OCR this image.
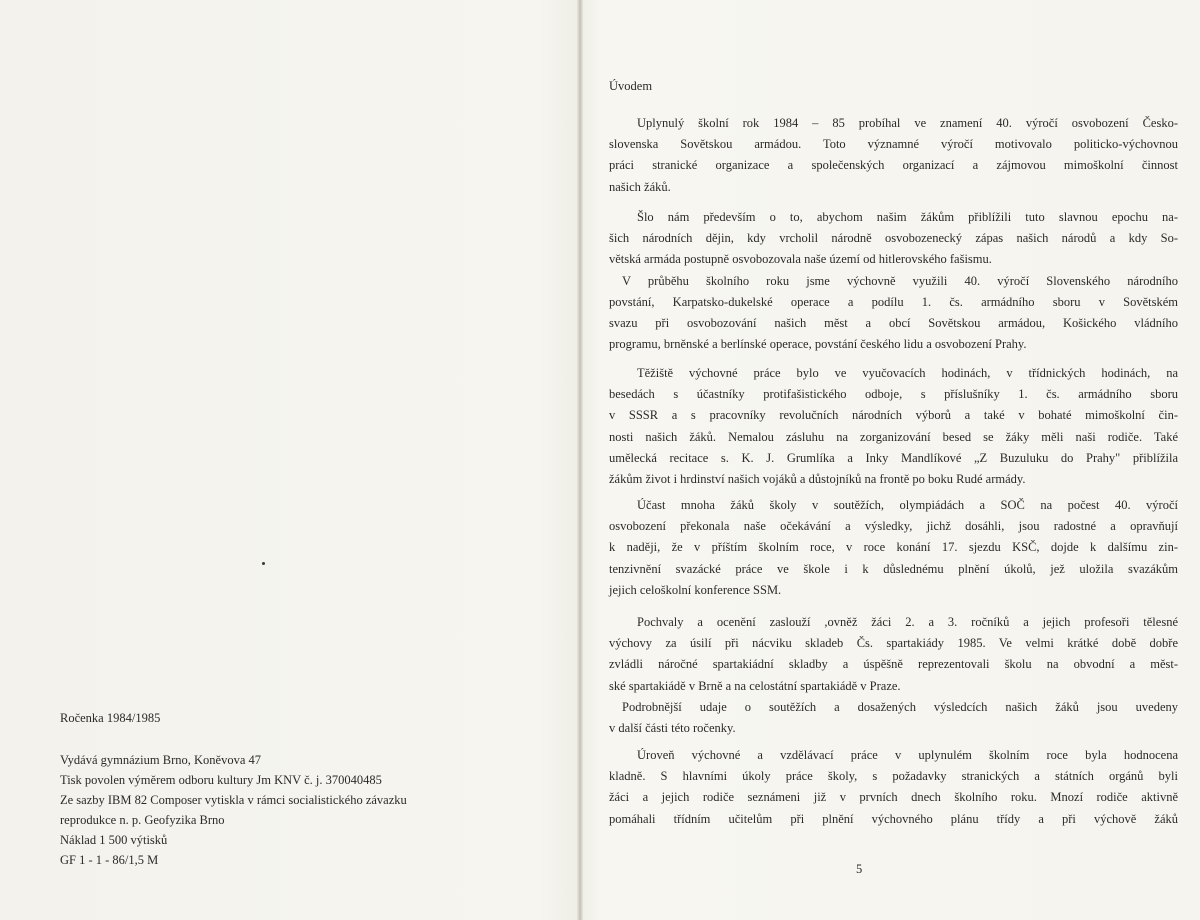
Ročenka 1984/1985
Vydává gymnázium Brno, Koněvova 47
Tisk povolen výměrem odboru kultury Jm KNV č. j. 370040485
Ze sazby IBM 82 Composer vytiskla v rámci socialistického závazku
reprodukce n. p. Geofyzika Brno
Náklad 1 500 výtisků
GF 1 - 1 - 86/1,5 M
Úvodem
Uplynulý školní rok 1984 – 85 probíhal ve znamení 40. výročí osvobození Česko-
slovenska Sovětskou armádou. Toto významné výročí motivovalo politicko-výchovnou
práci stranické organizace a společenských organizací a zájmovou mimoškolní činnost
našich žáků.
Šlo nám především o to, abychom našim žákům přiblížili tuto slavnou epochu na-
šich národních dějin, kdy vrcholil národně osvobozenecký zápas našich národů a kdy So-
větská armáda postupně osvobozovala naše území od hitlerovského fašismu.
V průběhu školního roku jsme výchovně využili 40. výročí Slovenského národního
povstání, Karpatsko-dukelské operace a podílu 1. čs. armádního sboru v Sovětském
svazu při osvobozování našich měst a obcí Sovětskou armádou, Košického vládního
programu, brněnské a berlínské operace, povstání českého lidu a osvobození Prahy.
Těžiště výchovné práce bylo ve vyučovacích hodinách, v třídnických hodinách, na
besedách s účastníky protifašistického odboje, s příslušníky 1. čs. armádního sboru
v SSSR a s pracovníky revolučních národních výborů a také v bohaté mimoškolní čin-
nosti našich žáků. Nemalou zásluhu na zorganizování besed se žáky měli naši rodiče. Také
umělecká recitace s. K. J. Grumlíka a Inky Mandlíkové „Z Buzuluku do Prahy" přiblížila
žákům život i hrdinství našich vojáků a důstojníků na frontě po boku Rudé armády.
Účast mnoha žáků školy v soutěžích, olympiádách a SOČ na počest 40. výročí
osvobození překonala naše očekávání a výsledky, jichž dosáhli, jsou radostné a opravňují
k naději, že v příštím školním roce, v roce konání 17. sjezdu KSČ, dojde k dalšímu zin-
tenzivnění svazácké práce ve škole i k důslednému plnění úkolů, jež uložila svazákům
jejich celoškolní konference SSM.
Pochvaly a ocenění zaslouží ,ovněž žáci 2. a 3. ročníků a jejich profesoři tělesné
výchovy za úsilí při nácviku skladeb Čs. spartakiády 1985. Ve velmi krátké době dobře
zvládli náročné spartakiádní skladby a úspěšně reprezentovali školu na obvodní a měst-
ské spartakiádě v Brně a na celostátní spartakiádě v Praze.
Podrobnější udaje o soutěžích a dosažených výsledcích našich žáků jsou uvedeny
v další části této ročenky.
Úroveň výchovné a vzdělávací práce v uplynulém školním roce byla hodnocena
kladně. S hlavními úkoly práce školy, s požadavky stranických a státních orgánů byli
žáci a jejich rodiče seznámeni již v prvních dnech školního roku. Mnozí rodiče aktivně
pomáhali třídním učitelům při plnění výchovného plánu třídy a při výchově žáků
5
